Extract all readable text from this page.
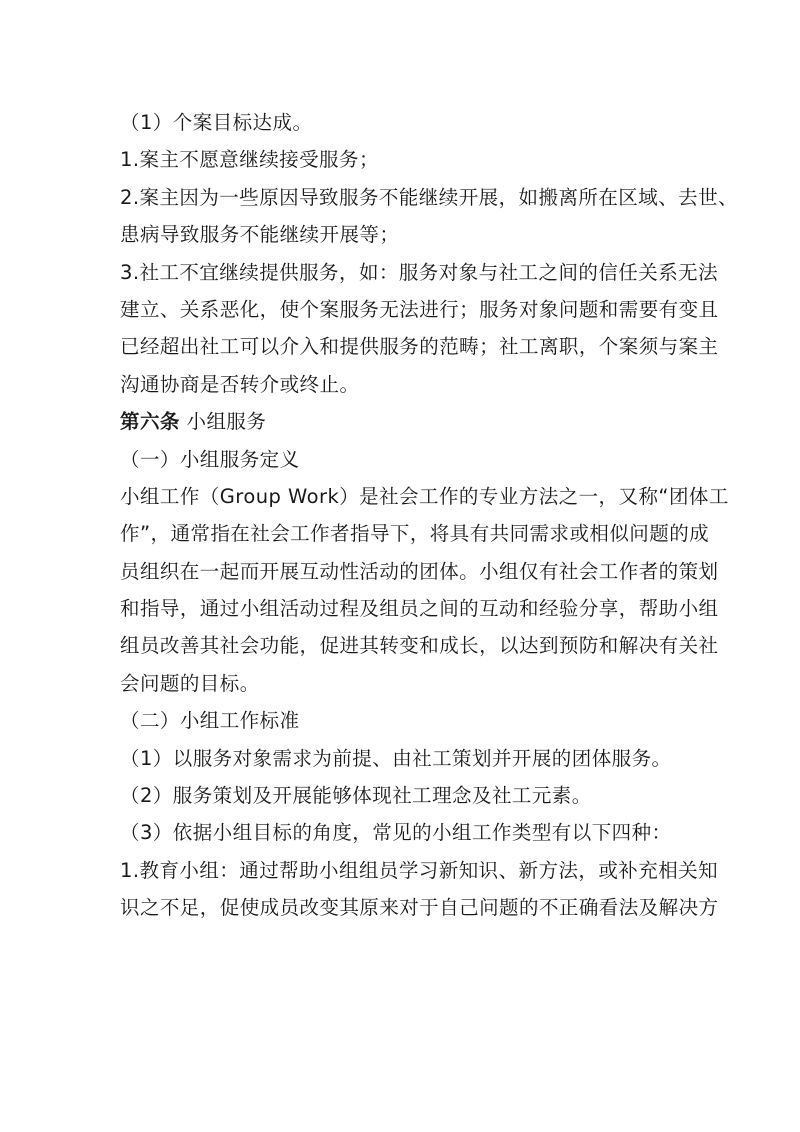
（1）个案目标达成。
1.案主不愿意继续接受服务；
2.案主因为一些原因导致服务不能继续开展，如搬离所在区域、去世、
患病导致服务不能继续开展等；
3.社工不宜继续提供服务，如：服务对象与社工之间的信任关系无法
建立、关系恶化，使个案服务无法进行；服务对象问题和需要有变且
已经超出社工可以介入和提供服务的范畴；社工离职，个案须与案主
沟通协商是否转介或终止。
第六条 小组服务
（一）小组服务定义
小组工作（Group Work）是社会工作的专业方法之一，又称“团体工
作”，通常指在社会工作者指导下，将具有共同需求或相似问题的成
员组织在一起而开展互动性活动的团体。小组仅有社会工作者的策划
和指导，通过小组活动过程及组员之间的互动和经验分享，帮助小组
组员改善其社会功能，促进其转变和成长，以达到预防和解决有关社
会问题的目标。
（二）小组工作标准
（1）以服务对象需求为前提、由社工策划并开展的团体服务。
（2）服务策划及开展能够体现社工理念及社工元素。
（3）依据小组目标的角度，常见的小组工作类型有以下四种：
1.教育小组：通过帮助小组组员学习新知识、新方法，或补充相关知
识之不足，促使成员改变其原来对于自己问题的不正确看法及解决方
